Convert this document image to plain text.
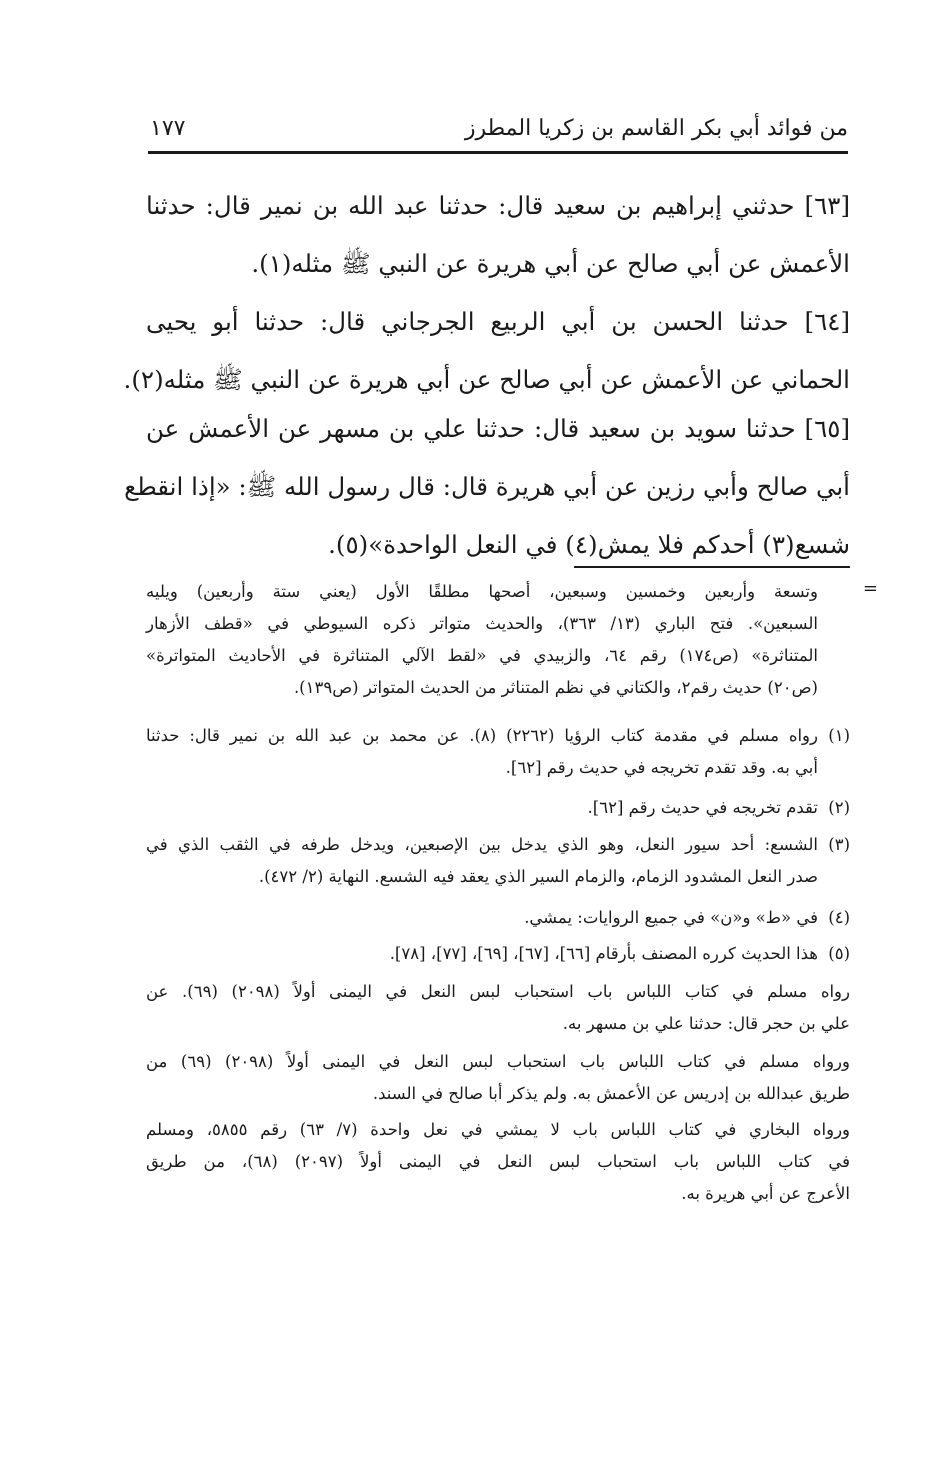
من فوائد أبي بكر القاسم بن زكريا المطرز
١٧٧
[٦٣] حدثني إبراهيم بن سعيد قال: حدثنا عبد الله بن نمير قال: حدثنا
الأعمش عن أبي صالح عن أبي هريرة عن النبي ﷺ مثله(١).
[٦٤] حدثنا الحسن بن أبي الربيع الجرجاني قال: حدثنا أبو يحيى
الحماني عن الأعمش عن أبي صالح عن أبي هريرة عن النبي ﷺ مثله(٢).
[٦٥] حدثنا سويد بن سعيد قال: حدثنا علي بن مسهر عن الأعمش عن
أبي صالح وأبي رزين عن أبي هريرة قال: قال رسول الله ﷺ: «إذا انقطع
شسع(٣) أحدكم فلا يمش(٤) في النعل الواحدة»(٥).
=
وتسعة وأربعين وخمسين وسبعين، أصحها مطلقًا الأول (يعني ستة وأربعين) ويليه
السبعين». فتح الباري (١٣/ ٣٦٣)، والحديث متواتر ذكره السيوطي في «قطف الأزهار
المتناثرة» (ص١٧٤) رقم ٦٤، والزبيدي في «لقط الآلي المتناثرة في الأحاديث المتواترة»
(ص٢٠) حديث رقم٢، والكتاني في نظم المتناثر من الحديث المتواتر (ص١٣٩).
(١)
رواه مسلم في مقدمة كتاب الرؤيا (٢٢٦٢) (٨). عن محمد بن عبد الله بن نمير قال: حدثنا
أبي به. وقد تقدم تخريجه في حديث رقم [٦٢].
(٢)
تقدم تخريجه في حديث رقم [٦٢].
(٣)
الشسع: أحد سيور النعل، وهو الذي يدخل بين الإصبعين، ويدخل طرفه في الثقب الذي في
صدر النعل المشدود الزمام، والزمام السير الذي يعقد فيه الشسع. النهاية (٢/ ٤٧٢).
(٤)
في «ط» و«ن» في جميع الروايات: يمشي.
(٥)
هذا الحديث كرره المصنف بأرقام [٦٦]، [٦٧]، [٦٩]، [٧٧]، [٧٨].
رواه مسلم في كتاب اللباس باب استحباب لبس النعل في اليمنى أولاً (٢٠٩٨) (٦٩). عن
علي بن حجر قال: حدثنا علي بن مسهر به.
ورواه مسلم في كتاب اللباس باب استحباب لبس النعل في اليمنى أولاً (٢٠٩٨) (٦٩) من
طريق عبدالله بن إدريس عن الأعمش به. ولم يذكر أبا صالح في السند.
ورواه البخاري في كتاب اللباس باب لا يمشي في نعل واحدة (٧/ ٦٣) رقم ٥٨٥٥، ومسلم
في كتاب اللباس باب استحباب لبس النعل في اليمنى أولاً (٢٠٩٧) (٦٨)، من طريق
الأعرج عن أبي هريرة به.
